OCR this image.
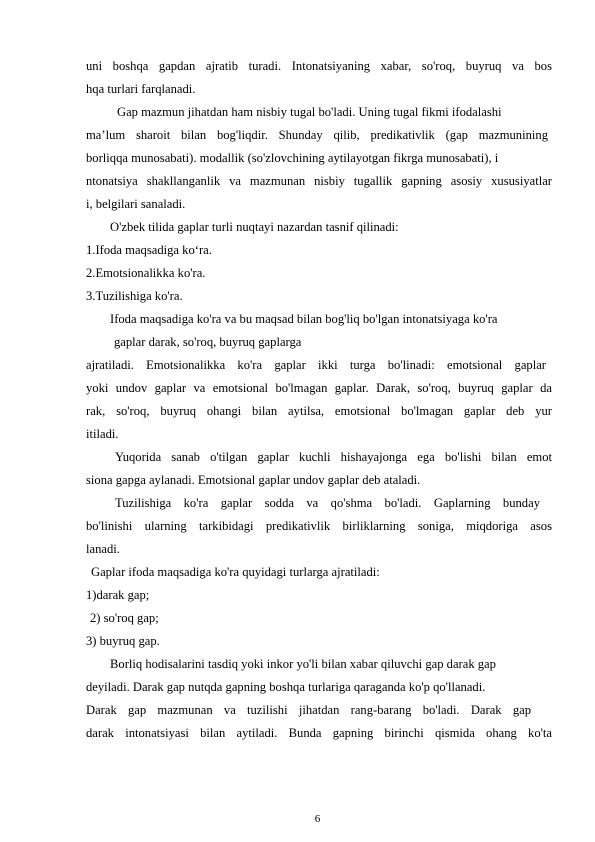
uni boshqa gapdan ajratib turadi. Intonatsiyaning xabar, so'roq, buyruq va bos
hqa turlari farqlanadi.
Gap mazmun jihatdan ham nisbiy tugal bo'ladi. Uning tugal fikmi ifodalashi
ma’lum sharoit bilan bog'liqdir. Shunday qilib, predikativlik (gap mazmunining
borliqqa munosabati). modallik (so'zlovchining aytilayotgan fikrga munosabati), i
ntonatsiya shakllanganlik va mazmunan nisbiy tugallik gapning asosiy xususiyatlar
i, belgilari sanaladi.
O'zbek tilida gaplar turli nuqtayi nazardan tasnif qilinadi:
1.Ifoda maqsadiga ko‘ra.
2.Emotsionalikka ko'ra.
3.Tuzilishiga ko'ra.
Ifoda maqsadiga ko'ra va bu maqsad bilan bog'liq bo'lgan intonatsiyaga ko'ra
gaplar darak, so'roq, buyruq gaplarga
ajratiladi. Emotsionalikka ko'ra gaplar ikki turga bo'linadi: emotsional gaplar
yoki undov gaplar va emotsional bo'lmagan gaplar. Darak, so'roq, buyruq gaplar da
rak, so'roq, buyruq ohangi bilan aytilsa, emotsional bo'lmagan gaplar deb yur
itiladi.
Yuqorida sanab o'tilgan gaplar kuchli hishayajonga ega bo'lishi bilan emot
siona gapga aylanadi. Emotsional gaplar undov gaplar deb ataladi.
Tuzilishiga ko'ra gaplar sodda va qo'shma bo'ladi. Gaplarning bunday
bo'linishi ularning tarkibidagi predikativlik birliklarning soniga, miqdoriga asos
lanadi.
Gaplar ifoda maqsadiga ko'ra quyidagi turlarga ajratiladi:
1)darak gap;
2) so'roq gap;
3) buyruq gap.
Borliq hodisalarini tasdiq yoki inkor yo'li bilan xabar qiluvchi gap darak gap
deyiladi. Darak gap nutqda gapning boshqa turlariga qaraganda ko'p qo'llanadi.
Darak gap mazmunan va tuzilishi jihatdan rang-barang bo'ladi. Darak gap
darak intonatsiyasi bilan aytiladi. Bunda gapning birinchi qismida ohang ko'ta
6
